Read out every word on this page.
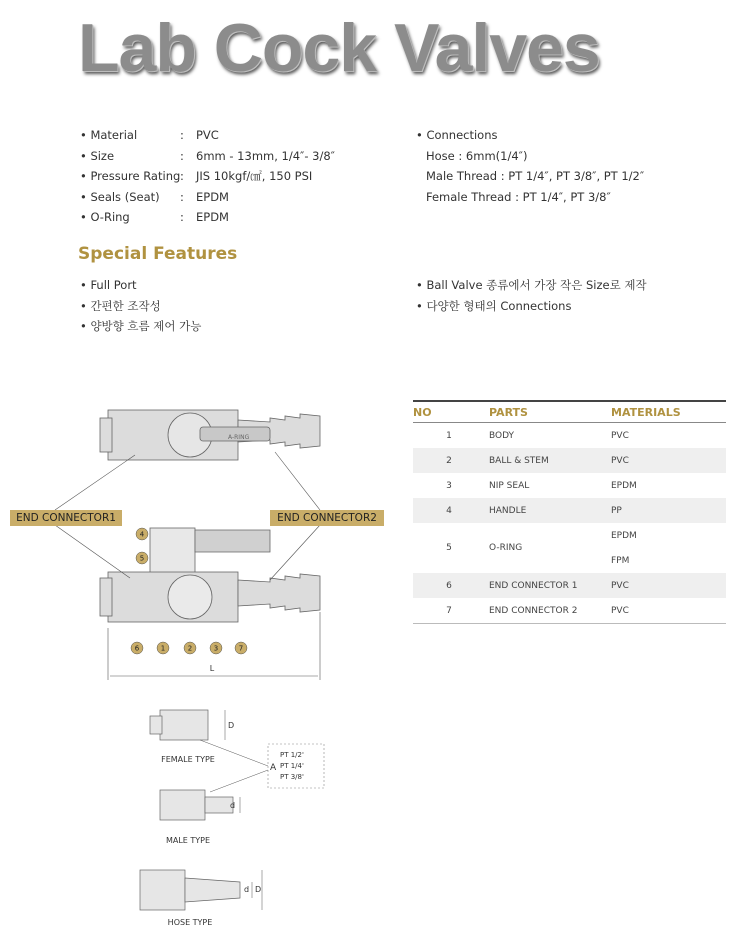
Lab Cock Valves
• Material	:	PVC
• Size	:	6mm - 13mm, 1/4″- 3/8″
• Pressure Rating :	JIS 10kgf/㎠, 150 PSI
• Seals (Seat)	:	EPDM
• O-Ring	:	EPDM
• Connections
Hose : 6mm(1/4″)
Male Thread : PT 1/4″, PT 3/8″, PT 1/2″
Female Thread : PT 1/4″, PT 3/8″
Special Features
• Full Port
• 간편한 조작성
• 양방향 흐름 제어 가능
• Ball Valve 종류에서 가장 작은 Size로 제작
• 다양한 형태의 Connections
A-RING
4
5
6	1	2	3	7
L
D
d
d D
A
PT 1/2'
PT 1/4'
PT 3/8'
FEMALE TYPE
MALE TYPE
HOSE TYPE
END CONNECTOR1	END CONNECTOR2
NO	PARTS	MATERIALS
1	BODY	PVC
2	BALL & STEM	PVC
3	NIP SEAL	EPDM
4	HANDLE	PP
5	O-RING	EPDM
		FPM
6	END CONNECTOR 1	PVC
7	END CONNECTOR 2	PVC
